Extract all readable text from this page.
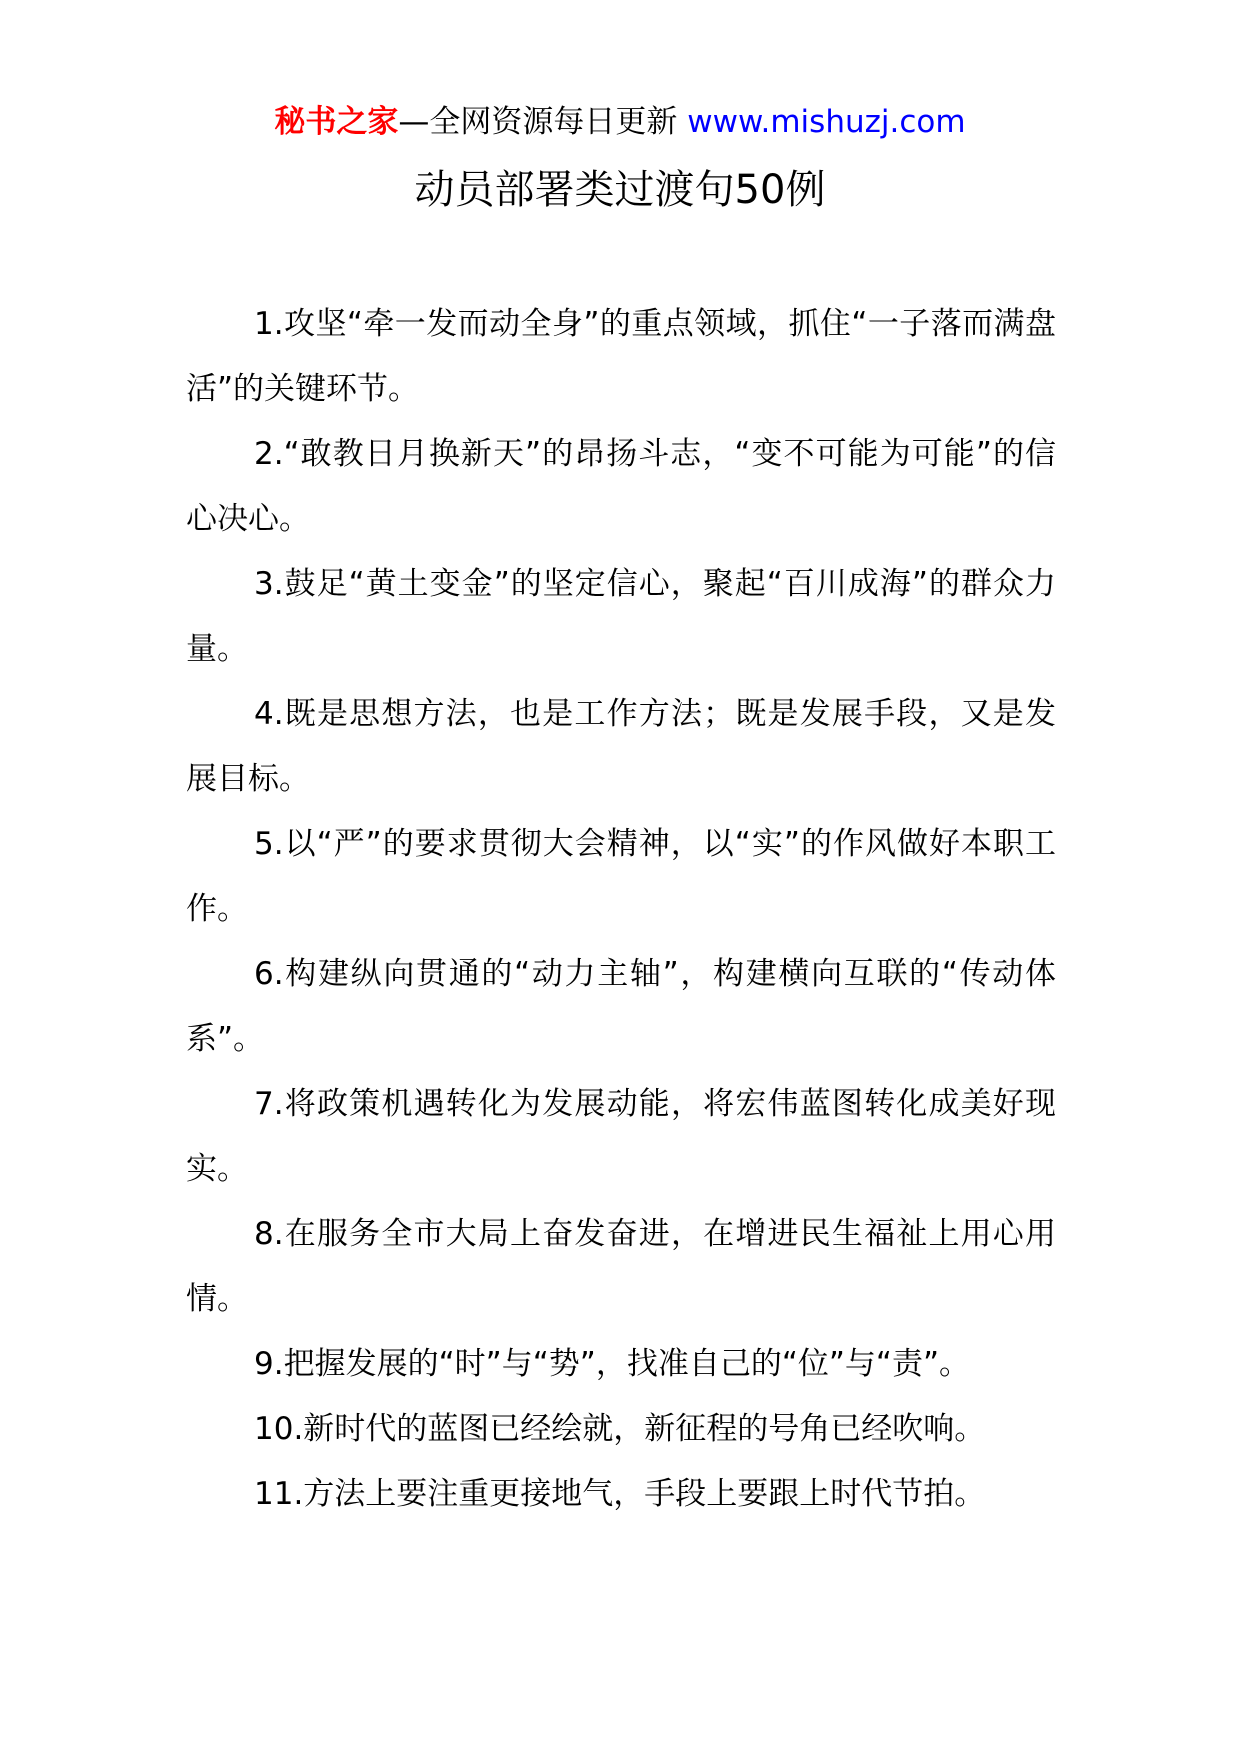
秘书之家—全网资源每日更新 www.mishuzj.com
动员部署类过渡句50例

1.攻坚“牵一发而动全身”的重点领域，抓住“一子落而满盘活”的关键环节。

2.“敢教日月换新天”的昂扬斗志，“变不可能为可能”的信心决心。

3.鼓足“黄土变金”的坚定信心，聚起“百川成海”的群众力量。

4.既是思想方法，也是工作方法；既是发展手段，又是发展目标。

5.以“严”的要求贯彻大会精神，以“实”的作风做好本职工作。

6.构建纵向贯通的“动力主轴”，构建横向互联的“传动体系”。

7.将政策机遇转化为发展动能，将宏伟蓝图转化成美好现实。

8.在服务全市大局上奋发奋进，在增进民生福祉上用心用情。

9.把握发展的“时”与“势”，找准自己的“位”与“责”。

10.新时代的蓝图已经绘就，新征程的号角已经吹响。

11.方法上要注重更接地气，手段上要跟上时代节拍。
